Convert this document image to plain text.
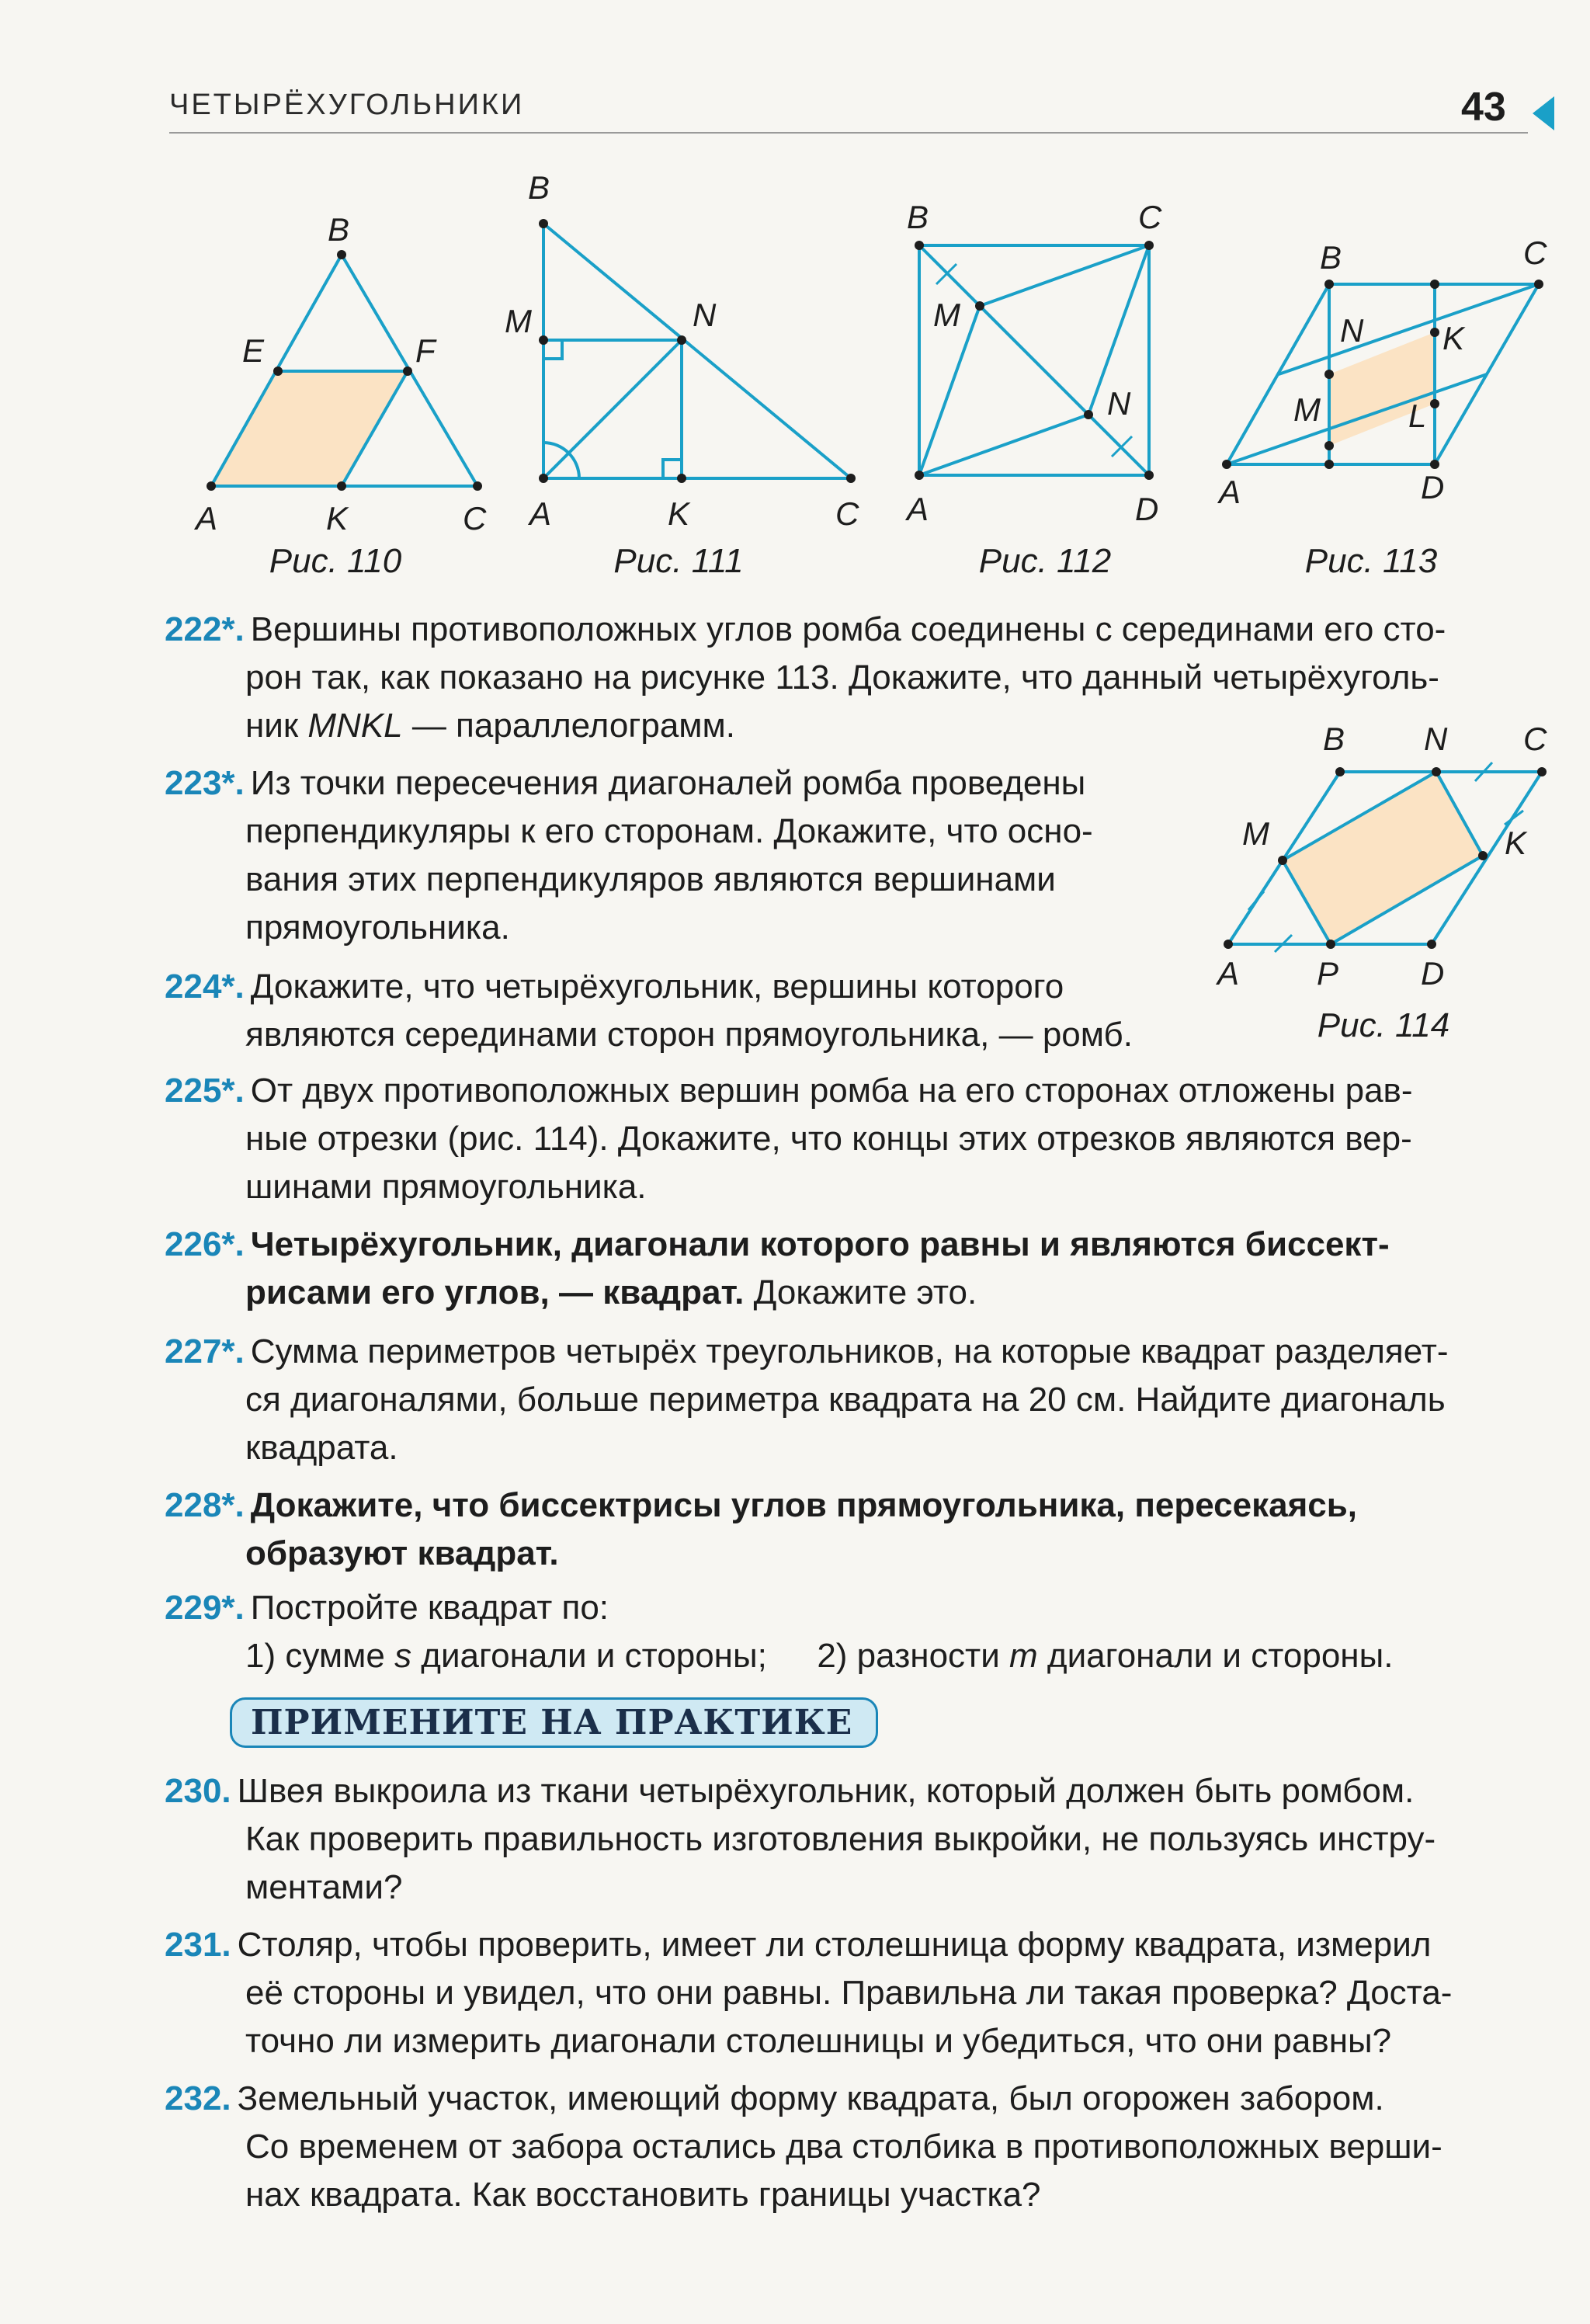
ЧЕТЫРЁХУГОЛЬНИКИ	43
B
E	F
A	K	C
Рис. 110
B
M	N
A	K	C
Рис. 111
B	C
M
N
A	D
Рис. 112
B	C
N K
M	L
A	D
Рис. 113
222*. Вершины противоположных углов ромба соединены с серединами его сто-
рон так, как показано на рисунке 113. Докажите, что данный четырёхуголь-
ник MNKL — параллелограмм.	B N C
M	K
A P	D
Рис. 114
223*. Из точки пересечения диагоналей ромба проведены
перпендикуляры к его сторонам. Докажите, что осно-
вания этих перпендикуляров являются вершинами
прямоугольника.
224*. Докажите, что четырёхугольник, вершины которого
являются серединами сторон прямоугольника, — ромб.
225*. От двух противоположных вершин ромба на его сторонах отложены рав-
ные отрезки (рис. 114). Докажите, что концы этих отрезков являются вер-
шинами прямоугольника.
226*. Четырёхугольник, диагонали которого равны и являются биссект-
рисами его углов, — квадрат. Докажите это.
227*. Сумма периметров четырёх треугольников, на которые квадрат разделяет-
ся диагоналями, больше периметра квадрата на 20 см. Найдите диагональ
квадрата.
228*. Докажите, что биссектрисы углов прямоугольника, пересекаясь,
образуют квадрат.
229*. Постройте квадрат по:
1) сумме s диагонали и стороны; 2) разности m диагонали и стороны.
ПРИМЕНИТЕ НА ПРАКТИКЕ
230. Швея выкроила из ткани четырёхугольник, который должен быть ромбом.
Как проверить правильность изготовления выкройки, не пользуясь инстру-
ментами?
231. Столяр, чтобы проверить, имеет ли столешница форму квадрата, измерил
её стороны и увидел, что они равны. Правильна ли такая проверка? Доста-
точно ли измерить диагонали столешницы и убедиться, что они равны?
232. Земельный участок, имеющий форму квадрата, был огорожен забором.
Со временем от забора остались два столбика в противоположных верши-
нах квадрата. Как восстановить границы участка?
